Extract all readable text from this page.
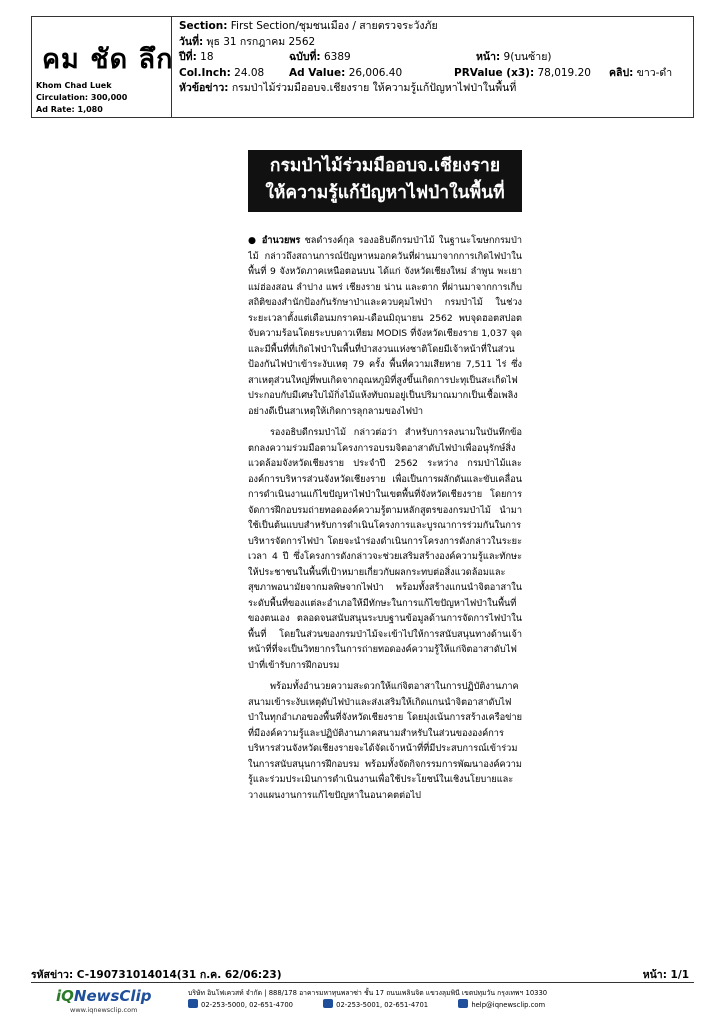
คม ชัด ลึก
Khom Chad Luek
Circulation: 300,000
Ad Rate: 1,080
Section: First Section/ชุมชนเมือง / สายตรวจระวังภัย
วันที่: พุธ 31 กรกฎาคม 2562
ปีที่: 18	ฉบับที่: 6389	หน้า: 9(บนซ้าย)
Col.Inch: 24.08 Ad Value: 26,006.40	PRValue (x3): 78,019.20 คลิป: ขาว-ดำ
หัวข้อข่าว: กรมป่าไม้ร่วมมืออบจ.เชียงราย ให้ความรู้แก้ปัญหาไฟป่าในพื้นที่
กรมป่าไม้ร่วมมืออบจ.เชียงราย
ให้ความรู้แก้ปัญหาไฟป่าในพื้นที่

● อำนวยพร ชลดำรงค์กุล รองอธิบดีกรมป่าไม้ ในฐานะโฆษกกรมป่าไม้ กล่าวถึงสถานการณ์ปัญหาหมอกควันที่ผ่านมาจากการเกิดไฟป่าในพื้นที่ 9 จังหวัดภาคเหนือตอนบน ได้แก่ จังหวัดเชียงใหม่ ลำพูน พะเยา แม่ฮ่องสอน ลำปาง แพร่ เชียงราย น่าน และตาก ที่ผ่านมาจากการเก็บสถิติของสำนักป้องกันรักษาป่าและควบคุมไฟป่า กรมป่าไม้ ในช่วงระยะเวลาตั้งแต่เดือนมกราคม-เดือนมิถุนายน 2562 พบจุดฮอตสปอต จับความร้อนโดยระบบดาวเทียม MODIS ที่จังหวัดเชียงราย 1,037 จุด และมีพื้นที่ที่เกิดไฟป่าในพื้นที่ป่าสงวนแห่งชาติโดยมีเจ้าหน้าที่ในส่วนป้องกันไฟป่าเข้าระงับเหตุ 79 ครั้ง พื้นที่ความเสียหาย 7,511 ไร่ ซึ่งสาเหตุส่วนใหญ่ที่พบเกิดจากอุณหภูมิที่สูงขึ้นเกิดการปะทุเป็นสะเก็ดไฟ ประกอบกับมีเศษใบไม้กิ่งไม้แห้งทับถมอยู่เป็นปริมาณมากเป็นเชื้อเพลิงอย่างดีเป็นสาเหตุให้เกิดการลุกลามของไฟป่า

รองอธิบดีกรมป่าไม้ กล่าวต่อว่า สำหรับการลงนามในบันทึกข้อตกลงความร่วมมือตามโครงการอบรมจิตอาสาดับไฟป่าเพื่ออนุรักษ์สิ่งแวดล้อมจังหวัดเชียงราย ประจำปี 2562 ระหว่าง กรมป่าไม้และองค์การบริหารส่วนจังหวัดเชียงราย เพื่อเป็นการผลักดันและขับเคลื่อนการดำเนินงานแก้ไขปัญหาไฟป่าในเขตพื้นที่จังหวัดเชียงราย โดยการจัดการฝึกอบรมถ่ายทอดองค์ความรู้ตามหลักสูตรของกรมป่าไม้ นำมาใช้เป็นต้นแบบสำหรับการดำเนินโครงการและบูรณาการร่วมกันในการบริหารจัดการไฟป่า โดยจะนำร่องดำเนินการโครงการดังกล่าวในระยะเวลา 4 ปี ซึ่งโครงการดังกล่าวจะช่วยเสริมสร้างองค์ความรู้และทักษะให้ประชาชนในพื้นที่เป้าหมายเกี่ยวกับผลกระทบต่อสิ่งแวดล้อมและสุขภาพอนามัยจากมลพิษจากไฟป่า พร้อมทั้งสร้างแกนนำจิตอาสาในระดับพื้นที่ของแต่ละอำเภอให้มีทักษะในการแก้ไขปัญหาไฟป่าในพื้นที่ของตนเอง ตลอดจนสนับสนุนระบบฐานข้อมูลด้านการจัดการไฟป่าในพื้นที่ โดยในส่วนของกรมป่าไม้จะเข้าไปให้การสนับสนุนทางด้านเจ้าหน้าที่ที่จะเป็นวิทยากรในการถ่ายทอดองค์ความรู้ให้แก่จิตอาสาดับไฟป่าที่เข้ารับการฝึกอบรม

พร้อมทั้งอำนวยความสะดวกให้แก่จิตอาสาในการปฏิบัติงานภาคสนามเข้าระงับเหตุดับไฟป่าและส่งเสริมให้เกิดแกนนำจิตอาสาดับไฟป่าในทุกอำเภอของพื้นที่จังหวัดเชียงราย โดยมุ่งเน้นการสร้างเครือข่ายที่มีองค์ความรู้และปฏิบัติงานภาคสนามสำหรับในส่วนขององค์การบริหารส่วนจังหวัดเชียงรายจะได้จัดเจ้าหน้าที่ที่มีประสบการณ์เข้าร่วมในการสนับสนุนการฝึกอบรม พร้อมทั้งจัดกิจกรรมการพัฒนาองค์ความรู้และร่วมประเมินการดำเนินงานเพื่อใช้ประโยชน์ในเชิงนโยบายและวางแผนงานการแก้ไขปัญหาในอนาคตต่อไป

รหัสข่าว: C-190731014014(31 ก.ค. 62/06:23)	หน้า: 1/1
iQNewsClip
www.iqnewsclip.com
บริษัท อินโฟเควสท์ จำกัด | 888/178 อาคารมหาทุนพลาซ่า ชั้น 17 ถนนเพลินจิต แขวงลุมพินี เขตปทุมวัน กรุงเทพฯ 10330
02-253-5000, 02-651-4700	02-253-5001, 02-651-4701	help@iqnewsclip.com
